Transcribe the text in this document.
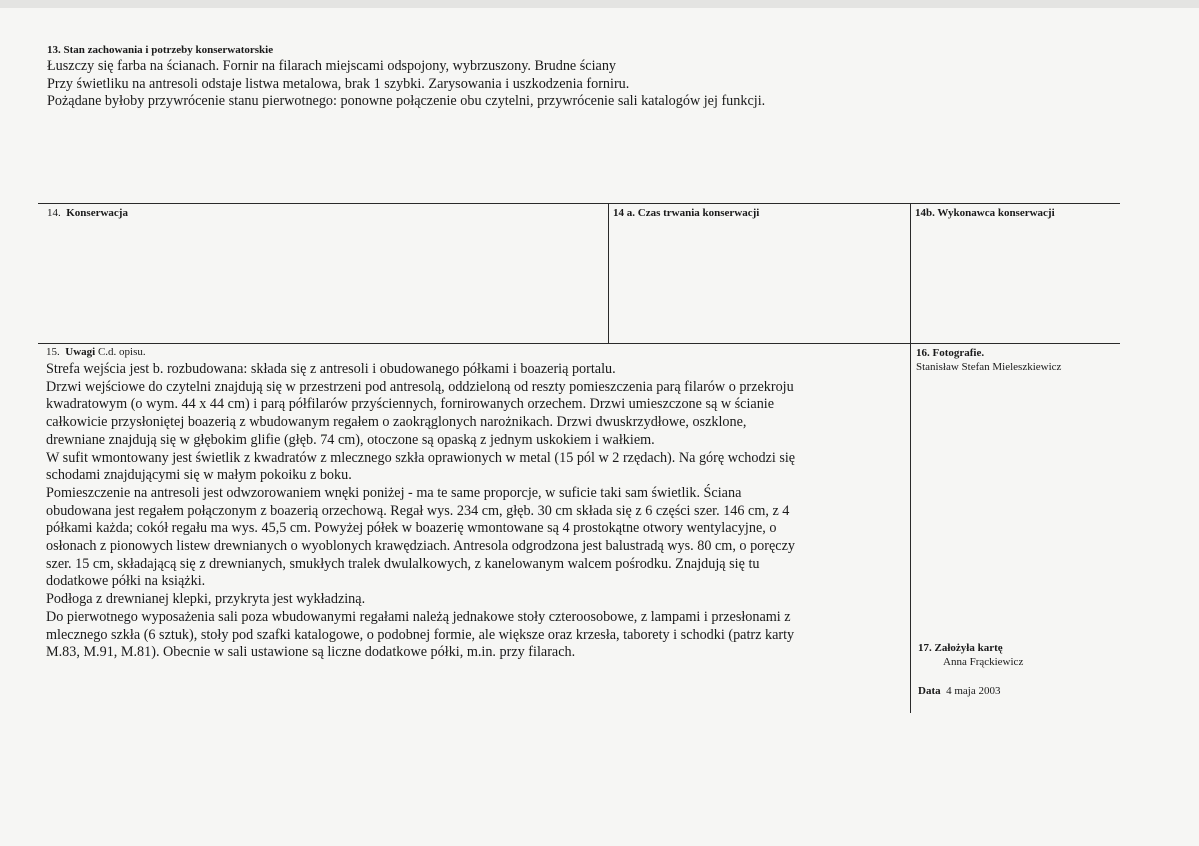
13. Stan zachowania i potrzeby konserwatorskie
Łuszczy się farba na ścianach. Fornir na filarach miejscami odspojony, wybrzuszony. Brudne ściany
Przy świetliku na antresoli odstaje listwa metalowa, brak 1 szybki. Zarysowania i uszkodzenia forniru.
Pożądane byłoby przywrócenie stanu pierwotnego: ponowne połączenie obu czytelni, przywrócenie sali katalogów jej funkcji.
14. Konserwacja	14 a. Czas trwania konserwacji	14b. Wykonawca konserwacji
15. Uwagi C.d. opisu.
Strefa wejścia jest b. rozbudowana: składa się z antresoli i obudowanego półkami i boazerią portalu.
Drzwi wejściowe do czytelni znajdują się w przestrzeni pod antresolą, oddzieloną od reszty pomieszczenia parą filarów o przekroju
kwadratowym (o wym. 44 x 44 cm) i parą półfilarów przyściennych, fornirowanych orzechem. Drzwi umieszczone są w ścianie
całkowicie przysłoniętej boazerią z wbudowanym regałem o zaokrąglonych narożnikach. Drzwi dwuskrzydłowe, oszklone,
drewniane znajdują się w głębokim glifie (głęb. 74 cm), otoczone są opaską z jednym uskokiem i wałkiem.
W sufit wmontowany jest świetlik z kwadratów z mlecznego szkła oprawionych w metal (15 pól w 2 rzędach). Na górę wchodzi się
schodami znajdującymi się w małym pokoiku z boku.
Pomieszczenie na antresoli jest odwzorowaniem wnęki poniżej - ma te same proporcje, w suficie taki sam świetlik. Ściana
obudowana jest regałem połączonym z boazerią orzechową. Regał wys. 234 cm, głęb. 30 cm składa się z 6 części szer. 146 cm, z 4
półkami każda; cokół regału ma wys. 45,5 cm. Powyżej półek w boazerię wmontowane są 4 prostokątne otwory wentylacyjne, o
osłonach z pionowych listew drewnianych o wyoblonych krawędziach. Antresola odgrodzona jest balustradą wys. 80 cm, o poręczy
szer. 15 cm, składającą się z drewnianych, smukłych tralek dwulalkowych, z kanelowanym walcem pośrodku. Znajdują się tu
dodatkowe półki na książki.
Podłoga z drewnianej klepki, przykryta jest wykładziną.
Do pierwotnego wyposażenia sali poza wbudowanymi regałami należą jednakowe stoły czteroosobowe, z lampami i przesłonami z
mlecznego szkła (6 sztuk), stoły pod szafki katalogowe, o podobnej formie, ale większe oraz krzesła, taborety i schodki (patrz karty
M.83, M.91, M.81). Obecnie w sali ustawione są liczne dodatkowe półki, m.in. przy filarach.
16. Fotografie.
Stanisław Stefan Mieleszkiewicz
17. Założyła kartę
Anna Frąckiewicz
Data 4 maja 2003
